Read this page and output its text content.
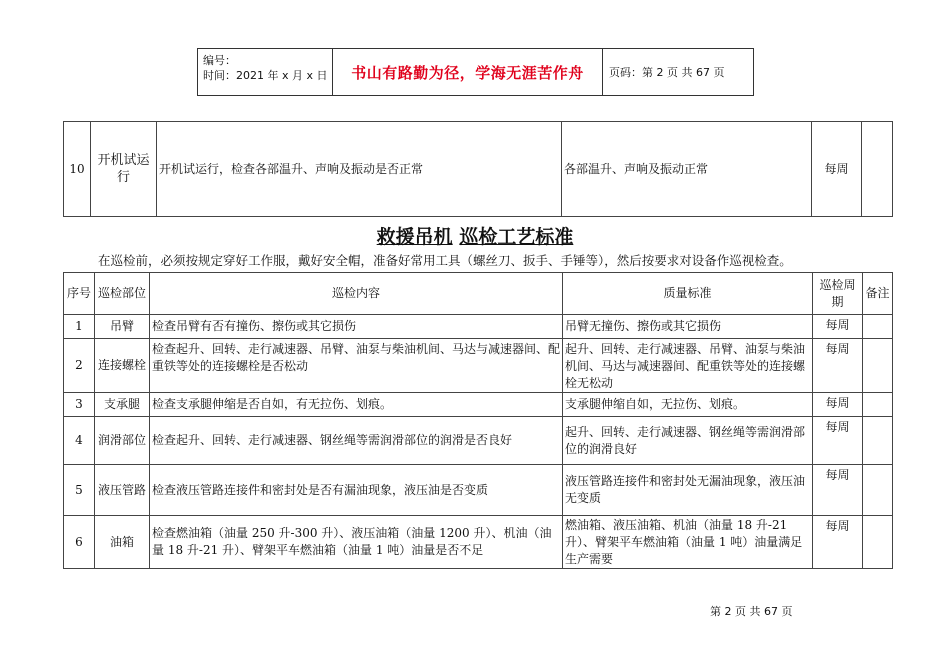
编号：
时间：2021 年 x 月 x 日	书山有路勤为径，学海无涯苦作舟	页码：第 2 页 共 67 页
10	开机试运行	开机试运行，检查各部温升、声响及振动是否正常	各部温升、声响及振动正常	每周	
救援吊机 巡检工艺标准
在巡检前，必须按规定穿好工作服，戴好安全帽，准备好常用工具（螺丝刀、扳手、手锤等），然后按要求对设备作巡视检查。
序号	巡检部位	巡检内容	质量标准	巡检周期	备注
1	吊臂	检查吊臂有否有撞伤、擦伤或其它损伤	吊臂无撞伤、擦伤或其它损伤	每周	
2	连接螺栓	检查起升、回转、走行减速器、吊臂、油泵与柴油机间、马达与减速器间、配重铁等处的连接螺栓是否松动	起升、回转、走行减速器、吊臂、油泵与柴油机间、马达与减速器间、配重铁等处的连接螺栓无松动	每周	
3	支承腿	检查支承腿伸缩是否自如，有无拉伤、划痕。	支承腿伸缩自如，无拉伤、划痕。	每周	
4	润滑部位	检查起升、回转、走行减速器、钢丝绳等需润滑部位的润滑是否良好	起升、回转、走行减速器、钢丝绳等需润滑部位的润滑良好	每周	
5	液压管路	检查液压管路连接件和密封处是否有漏油现象，液压油是否变质	液压管路连接件和密封处无漏油现象，液压油无变质	每周	
6	油箱	检查燃油箱（油量 250 升-300 升）、液压油箱（油量 1200 升）、机油（油量 18 升-21 升）、臂架平车燃油箱（油量 1 吨）油量是否不足	燃油箱、液压油箱、机油（油量 18 升-21 升）、臂架平车燃油箱（油量 1 吨）油量满足生产需要	每周	
第 2 页 共 67 页
